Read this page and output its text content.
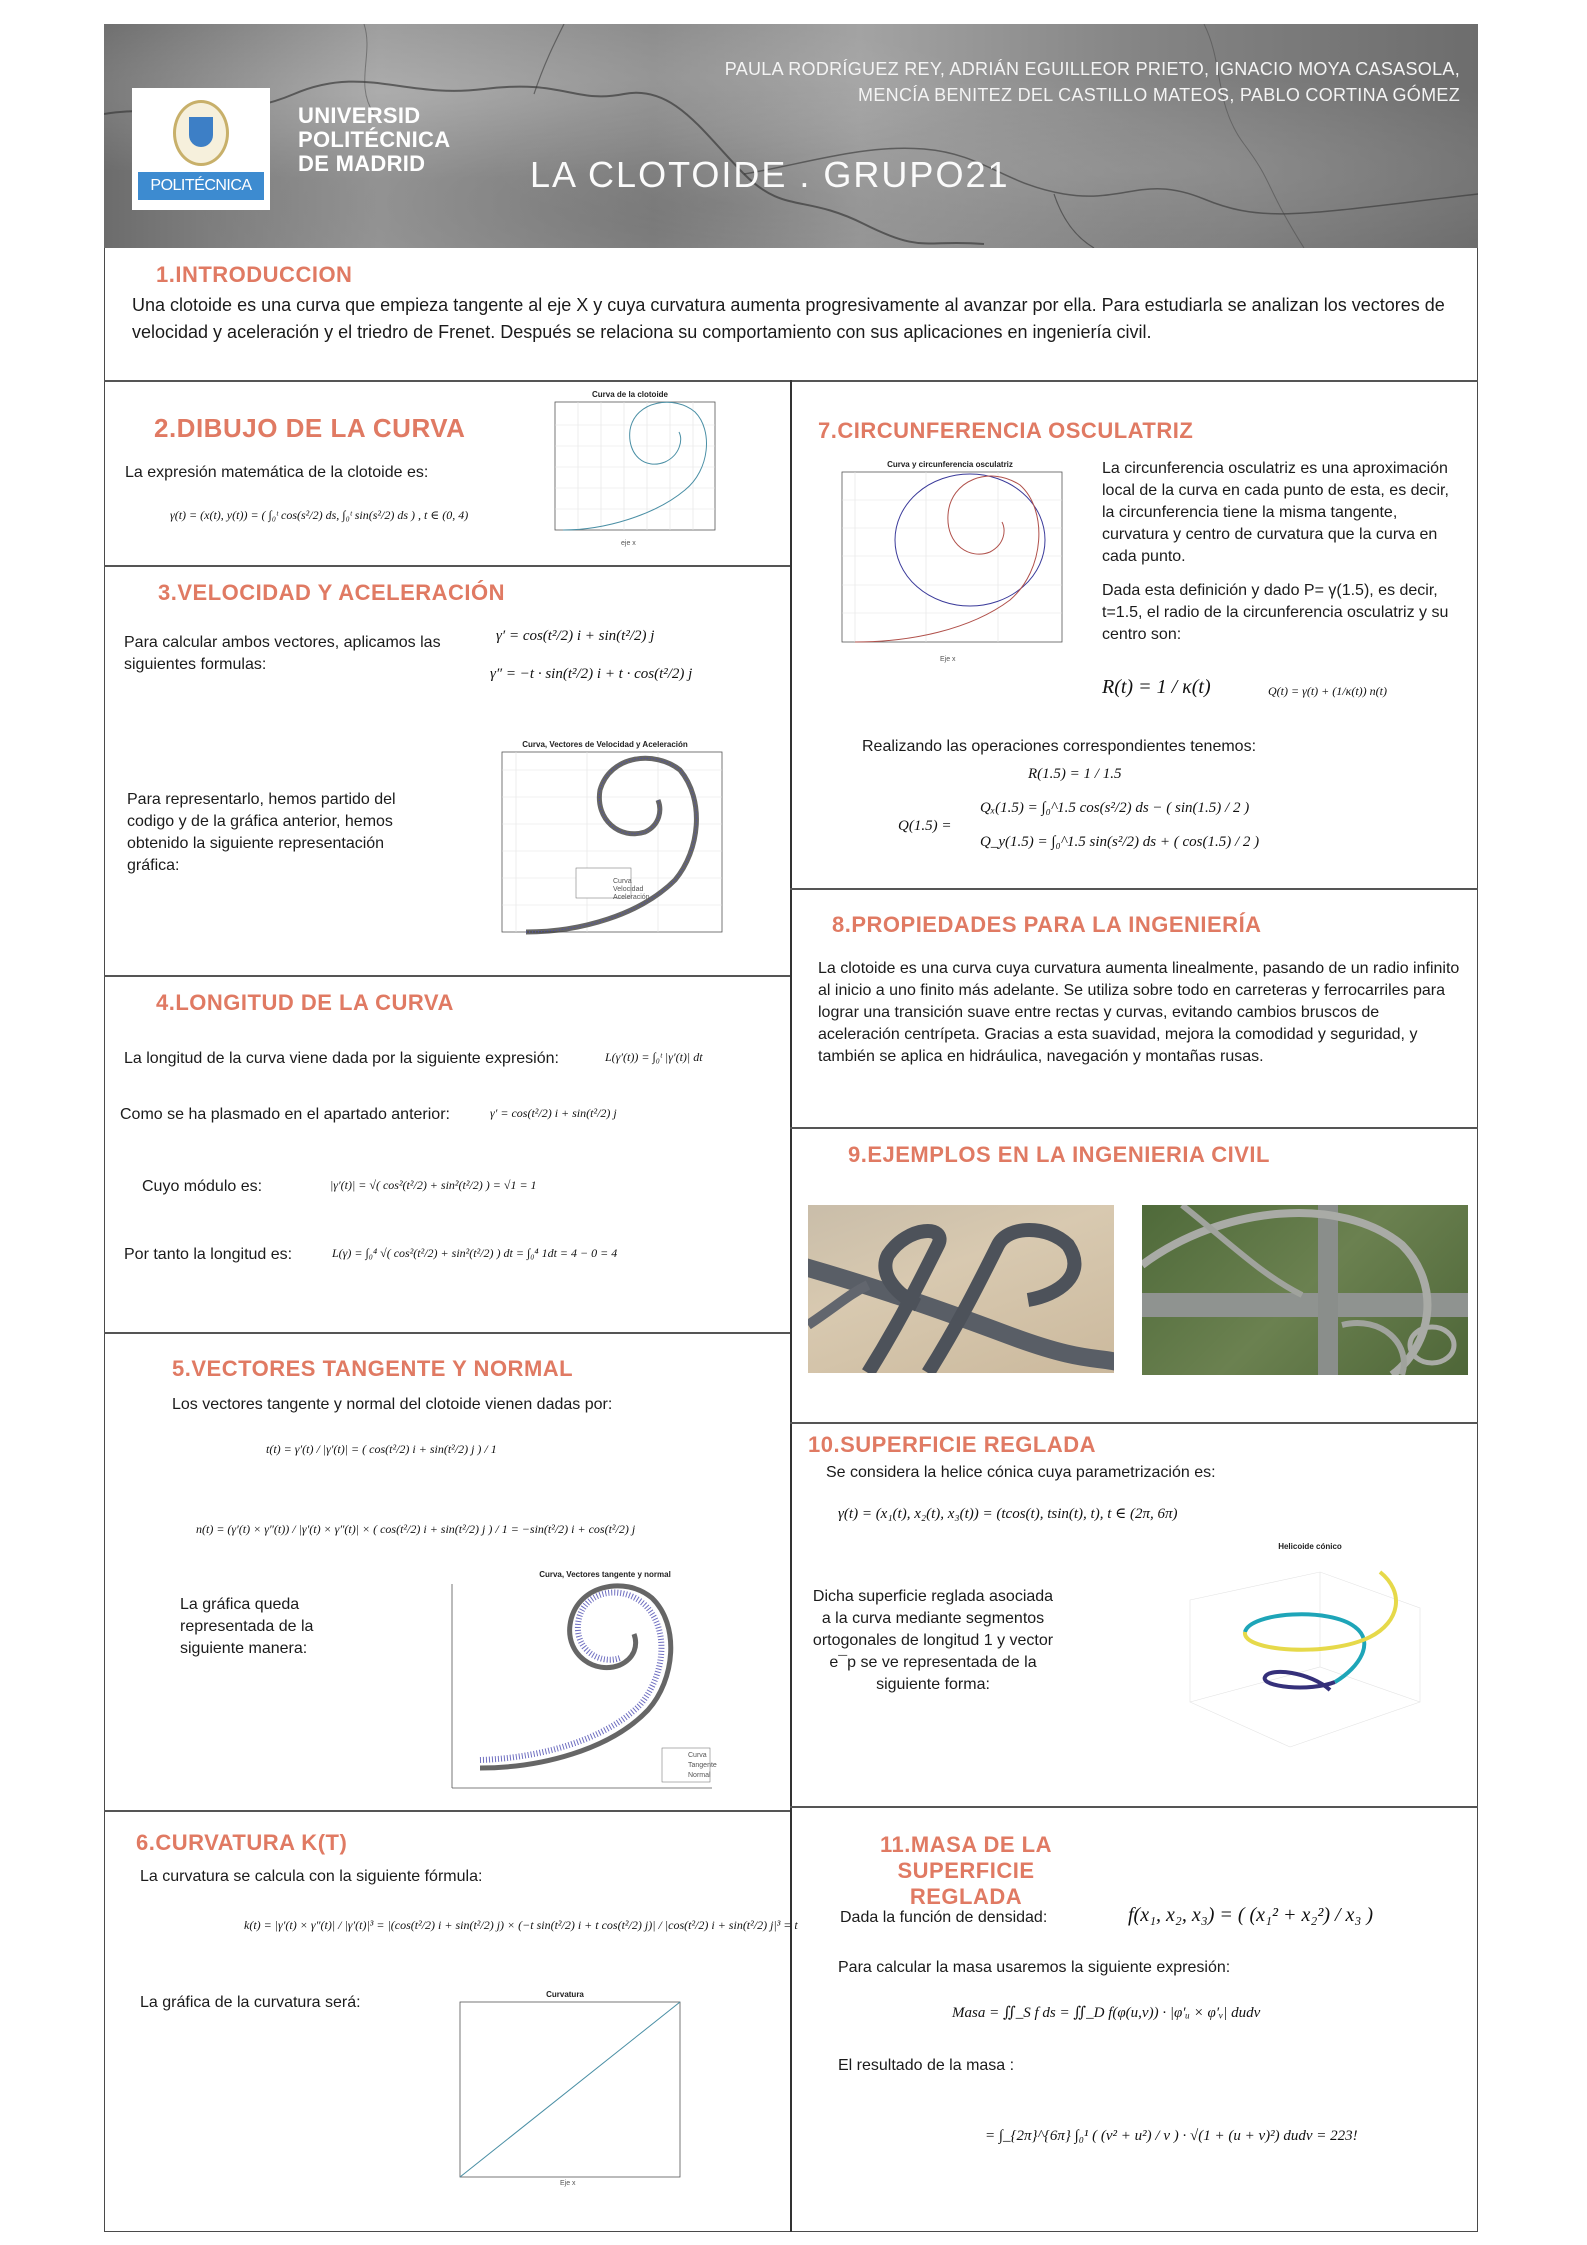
POLITÉCNICA
UNIVERSID
POLITÉCNICA
DE MADRID
PAULA RODRÍGUEZ REY, ADRIÁN EGUILLEOR PRIETO, IGNACIO MOYA CASASOLA,
MENCÍA BENITEZ DEL CASTILLO MATEOS, PABLO CORTINA GÓMEZ
LA CLOTOIDE . GRUPO21
1.INTRODUCCION
Una clotoide es una curva que empieza tangente al eje X y cuya curvatura aumenta progresivamente al avanzar por ella. Para estudiarla se analizan los vectores de velocidad y aceleración y el triedro de Frenet. Después se relaciona su comportamiento con sus aplicaciones en ingeniería civil.
2.DIBUJO DE LA CURVA
La expresión matemática de la clotoide es:
γ(t) = (x(t), y(t)) = ( ∫₀ᵗ cos(s²/2) ds, ∫₀ᵗ sin(s²/2) ds ) , t ∈ (0, 4)
Curva de la clotoide
eje x
3.VELOCIDAD Y ACELERACIÓN
Para calcular ambos vectores, aplicamos las siguientes formulas:
γ′ = cos(t²/2) i + sin(t²/2) j
γ″ = −t · sin(t²/2) i + t · cos(t²/2) j
Para representarlo, hemos partido del codigo y de la gráfica anterior, hemos obtenido la siguiente representación gráfica:
Curva, Vectores de Velocidad y Aceleración
Curva
Velocidad
Aceleración
4.LONGITUD DE LA CURVA
La longitud de la curva viene dada por la siguiente expresión:	L(γ′(t)) = ∫₀ᵗ |γ′(t)| dt
Como se ha plasmado en el apartado anterior:	γ′ = cos(t²/2) i + sin(t²/2) j
Cuyo módulo es:	|γ′(t)| = √( cos²(t²/2) + sin²(t²/2) ) = √1 = 1
Por tanto la longitud es:	L(γ) = ∫₀⁴ √( cos²(t²/2) + sin²(t²/2) ) dt = ∫₀⁴ 1dt = 4 − 0 = 4
5.VECTORES TANGENTE Y NORMAL
Los vectores tangente y normal del clotoide vienen dadas por:
t(t) = γ′(t) / |γ′(t)| = ( cos(t²/2) i + sin(t²/2) j ) / 1
n(t) = (γ′(t) × γ″(t)) / |γ′(t) × γ″(t)| × ( cos(t²/2) i + sin(t²/2) j ) / 1 = −sin(t²/2) i + cos(t²/2) j
La gráfica queda representada de la siguiente manera:
Curva, Vectores tangente y normal
Curva
Tangente
Normal
6.CURVATURA K(T)
La curvatura se calcula con la siguiente fórmula:
k(t) = |γ′(t) × γ″(t)| / |γ′(t)|³ = |(cos(t²/2) i + sin(t²/2) j) × (−t sin(t²/2) i + t cos(t²/2) j)| / |cos(t²/2) i + sin(t²/2) j|³ = t
La gráfica de la curvatura será:	Curvatura
Eje x
7.CIRCUNFERENCIA OSCULATRIZ
Curva y circunferencia osculatriz
Eje x
La circunferencia osculatriz es una aproximación local de la curva en cada punto de esta, es decir, la circunferencia tiene la misma tangente, curvatura y centro de curvatura que la curva en cada punto.
Dada esta definición y dado P= γ(1.5), es decir, t=1.5, el radio de la circunferencia osculatriz y su centro son:
R(t) = 1 / κ(t)	Q(t) = γ(t) + (1/κ(t)) n(t)
Realizando las operaciones correspondientes tenemos:
R(1.5) = 1 / 1.5
Q(1.5) =
Qₓ(1.5) = ∫₀^1.5 cos(s²/2) ds − ( sin(1.5) / 2 )
Q_y(1.5) = ∫₀^1.5 sin(s²/2) ds + ( cos(1.5) / 2 )
8.PROPIEDADES PARA LA INGENIERÍA
La clotoide es una curva cuya curvatura aumenta linealmente, pasando de un radio infinito al inicio a uno finito más adelante. Se utiliza sobre todo en carreteras y ferrocarriles para lograr una transición suave entre rectas y curvas, evitando cambios bruscos de aceleración centrípeta. Gracias a esta suavidad, mejora la comodidad y seguridad, y también se aplica en hidráulica, navegación y montañas rusas.
9.EJEMPLOS EN LA INGENIERIA CIVIL
10.SUPERFICIE REGLADA
Se considera la helice cónica cuya parametrización es:
γ(t) = (x₁(t), x₂(t), x₃(t)) = (tcos(t), tsin(t), t), t ∈ (2π, 6π)
Dicha superficie reglada asociada a la curva mediante segmentos ortogonales de longitud 1 y vector e¯p se ve representada de la siguiente forma:
Helicoide cónico
11.MASA DE LA SUPERFICIE
REGLADA
Dada la función de densidad:	f(x₁, x₂, x₃) = ( (x₁² + x₂²) / x₃ )
Para calcular la masa usaremos la siguiente expresión:
Masa = ∬_S f ds = ∬_D f(φ(u,v)) · |φ′ᵤ × φ′ᵥ| dudv
El resultado de la masa :
= ∫_{2π}^{6π} ∫₀¹ ( (v² + u²) / v ) · √(1 + (u + v)²) dudv = 223!
